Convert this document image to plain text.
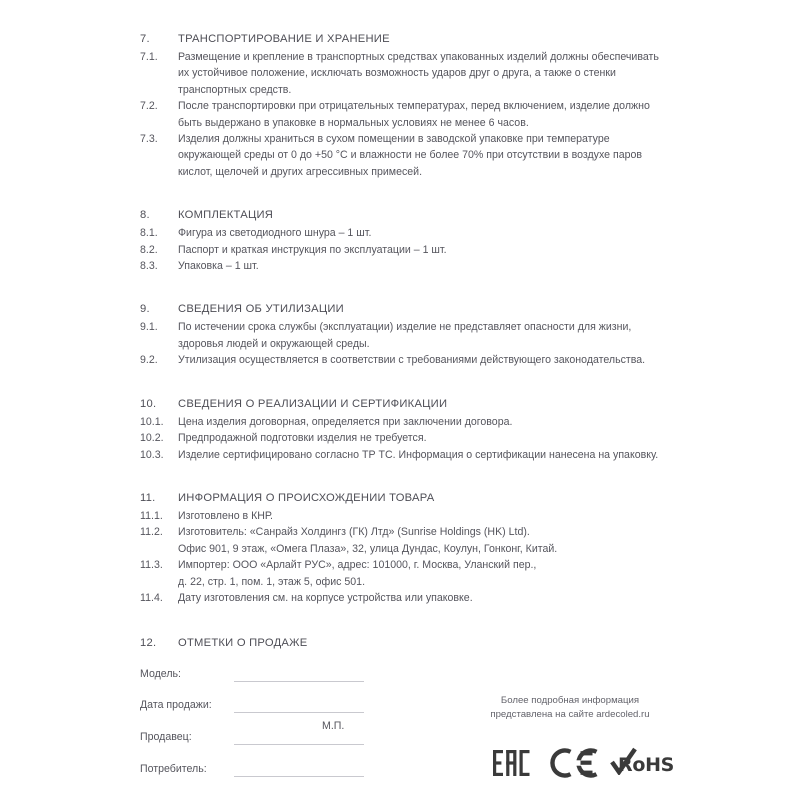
7.	ТРАНСПОРТИРОВАНИЕ И ХРАНЕНИЕ
7.1.	Размещение и крепление в транспортных средствах упакованных изделий должны обеспечивать
их устойчивое положение, исключать возможность ударов друг о друга, а также о стенки
транспортных средств.
7.2.	После транспортировки при отрицательных температурах, перед включением, изделие должно
быть выдержано в упаковке в нормальных условиях не менее 6 часов.
7.3.	Изделия должны храниться в сухом помещении в заводской упаковке при температуре
окружающей среды от 0 до +50 °С и влажности не более 70% при отсутствии в воздухе паров
кислот, щелочей и других агрессивных примесей.
8.	КОМПЛЕКТАЦИЯ
8.1.	Фигура из светодиодного шнура – 1 шт.
8.2.	Паспорт и краткая инструкция по эксплуатации – 1 шт.
8.3.	Упаковка – 1 шт.
9.	СВЕДЕНИЯ ОБ УТИЛИЗАЦИИ
9.1.	По истечении срока службы (эксплуатации) изделие не представляет опасности для жизни,
здоровья людей и окружающей среды.
9.2.	Утилизация осуществляется в соответствии с требованиями действующего законодательства.
10.	СВЕДЕНИЯ О РЕАЛИЗАЦИИ И СЕРТИФИКАЦИИ
10.1.	Цена изделия договорная, определяется при заключении договора.
10.2.	Предпродажной подготовки изделия не требуется.
10.3.	Изделие сертифицировано согласно ТР ТС. Информация о сертификации нанесена на упаковку.
11.	ИНФОРМАЦИЯ О ПРОИСХОЖДЕНИИ ТОВАРА
11.1.	Изготовлено в КНР.
11.2.	Изготовитель: «Санрайз Холдингз (ГК) Лтд» (Sunrise Holdings (HK) Ltd).
Офис 901, 9 этаж, «Омега Плаза», 32, улица Дундас, Коулун, Гонконг, Китай.
11.3.	Импортер: ООО «Арлайт РУС», адрес: 101000, г. Москва, Уланский пер.,
д. 22, стр. 1, пом. 1, этаж 5, офис 501.
11.4.	Дату изготовления см. на корпусе устройства или упаковке.
12.	ОТМЕТКИ О ПРОДАЖЕ
Модель:
Дата продажи:
Продавец:
Потребитель:
М.П.
Более подробная информация
представлена на сайте ardecoled.ru
RoHS
